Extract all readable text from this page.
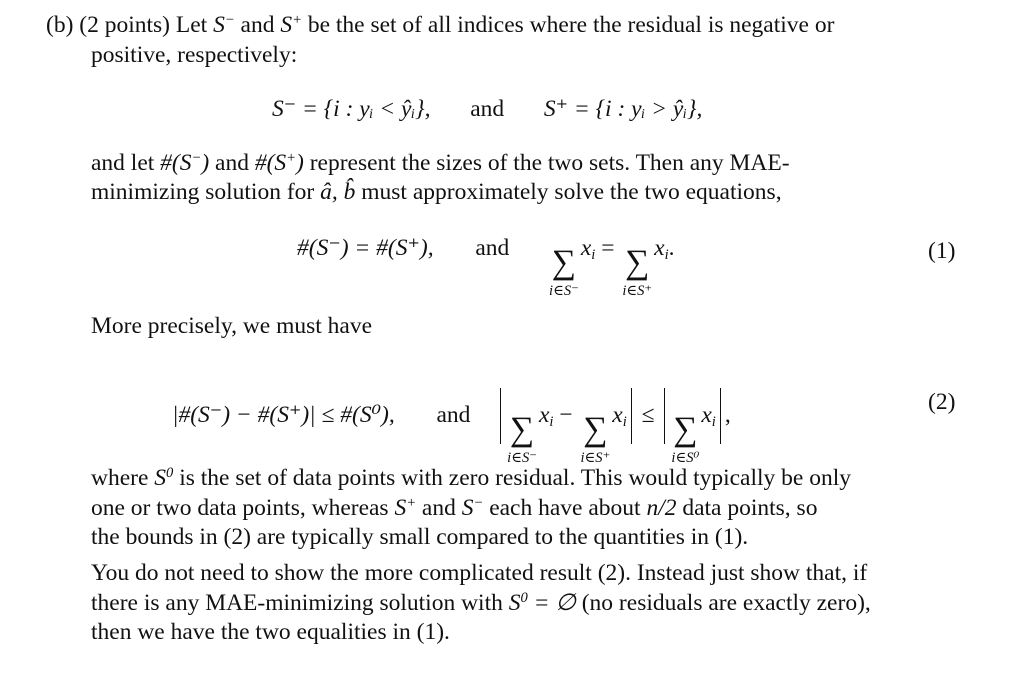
(b) (2 points) Let S− and S+ be the set of all indices where the residual is negative or
positive, respectively:
S⁻ = {i : yᵢ < ŷᵢ}, and S⁺ = {i : yᵢ > ŷᵢ},
and let #(S−) and #(S+) represent the sizes of the two sets. Then any MAE-
minimizing solution for â, b̂ must approximately solve the two equations,
#(S⁻) = #(S⁺), and ∑
i∈S⁻
$x_i$ = ∑
i∈S⁺
$x_i$.	(1)
More precisely, we must have
|#(S⁻) − #(S⁺)| ≤ #(S⁰), and ∑
i∈S⁻
$x_i$ − ∑
i∈S⁺
$x_i$ ≤ ∑
i∈S⁰
$x_i$ ,	(2)
where $S^0$ is the set of data points with zero residual. This would typically be only
one or two data points, whereas S+ and S− each have about n/2 data points, so
the bounds in (2) are typically small compared to the quantities in (1).
You do not need to show the more complicated result (2). Instead just show that, if
there is any MAE-minimizing solution with $S^0$ = ∅ (no residuals are exactly zero),
then we have the two equalities in (1).
